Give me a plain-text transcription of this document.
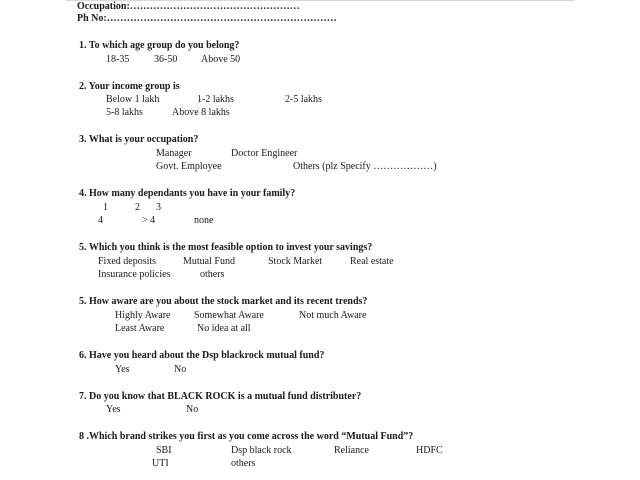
Occupation:……………………………………………
Ph No:……………………………………………………………
1. To which age group do you belong?
18-35 36-50 Above 50
2. Your income group is
Below 1 lakh	1-2 lakhs	2-5 lakhs
5-8 lakhs	Above 8 lakhs
3. What is your occupation?
Manager	Doctor Engineer
Govt. Employee	Others (plz Specify ………………)
4. How many dependants you have in your family?
1	2 3
4	> 4	none
5. Which you think is the most feasible option to invest your savings?
Fixed deposits	Mutual Fund	Stock Market	Real estate
Insurance policies	others
5. How aware are you about the stock market and its recent trends?
Highly Aware Somewhat Aware	Not much Aware
Least Aware	No idea at all
6. Have you heard about the Dsp blackrock mutual fund?
Yes	No
7. Do you know that BLACK ROCK is a mutual fund distributer?
Yes	No
8 .Which brand strikes you first as you come across the word “Mutual Fund”?
SBI	Dsp black rock	Reliance	HDFC
UTI	others
